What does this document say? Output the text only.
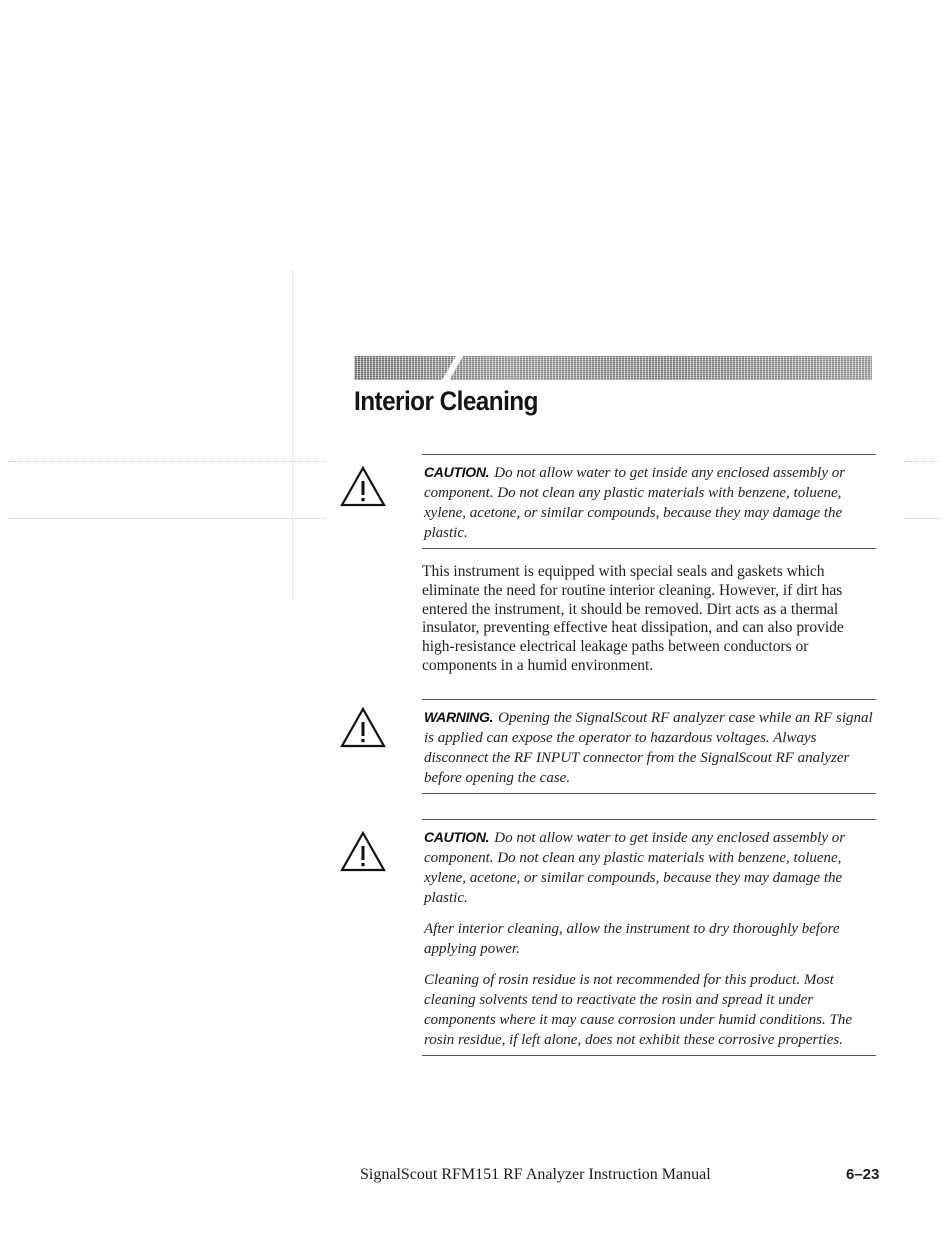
Interior Cleaning

CAUTION. Do not allow water to get inside any enclosed assembly or component. Do not clean any plastic materials with benzene, toluene, xylene, acetone, or similar compounds, because they may damage the plastic.

This instrument is equipped with special seals and gaskets which eliminate the need for routine interior cleaning. However, if dirt has entered the instrument, it should be removed. Dirt acts as a thermal insulator, preventing effective heat dissipation, and can also provide high-resistance electrical leakage paths between conductors or components in a humid environment.

WARNING. Opening the SignalScout RF analyzer case while an RF signal is applied can expose the operator to hazardous voltages. Always disconnect the RF INPUT connector from the SignalScout RF analyzer before opening the case.

CAUTION. Do not allow water to get inside any enclosed assembly or component. Do not clean any plastic materials with benzene, toluene, xylene, acetone, or similar compounds, because they may damage the plastic.

After interior cleaning, allow the instrument to dry thoroughly before applying power.

Cleaning of rosin residue is not recommended for this product. Most cleaning solvents tend to reactivate the rosin and spread it under components where it may cause corrosion under humid conditions. The rosin residue, if left alone, does not exhibit these corrosive properties.

SignalScout RFM151 RF Analyzer Instruction Manual	6–23
